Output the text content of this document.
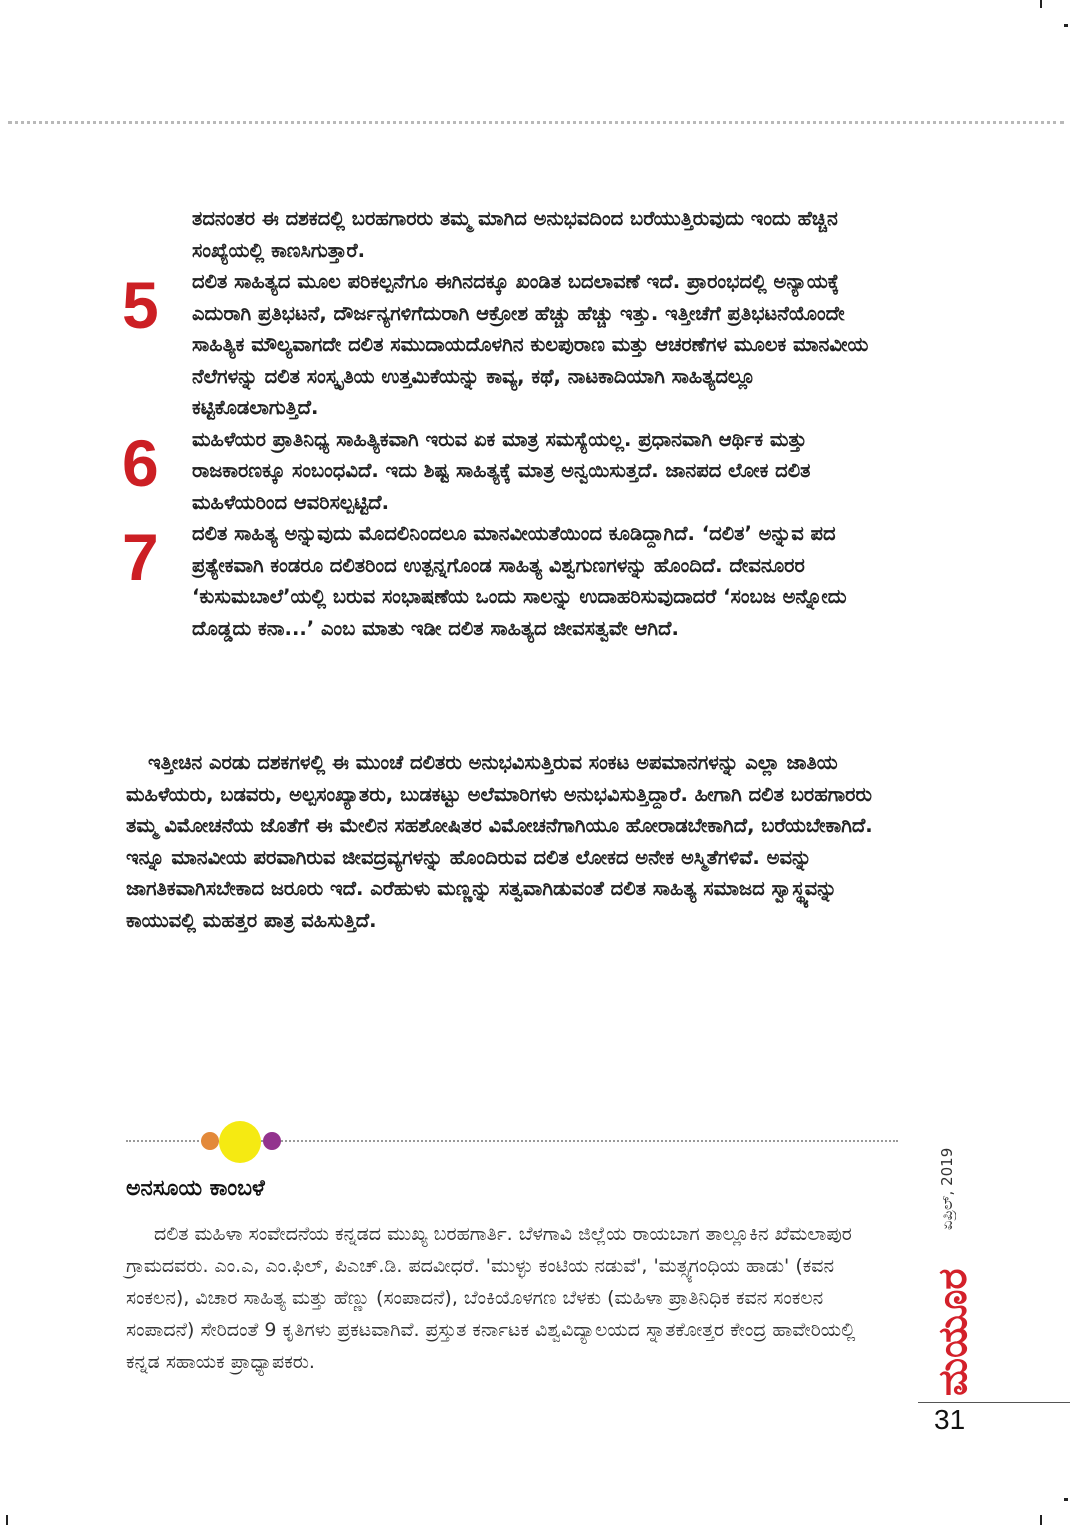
ತದನಂತರ ಈ ದಶಕದಲ್ಲಿ ಬರಹಗಾರರು ತಮ್ಮ ಮಾಗಿದ ಅನುಭವದಿಂದ ಬರೆಯುತ್ತಿರುವುದು ಇಂದು ಹೆಚ್ಚಿನ ಸಂಖ್ಯೆಯಲ್ಲಿ ಕಾಣಸಿಗುತ್ತಾರೆ.
5	ದಲಿತ ಸಾಹಿತ್ಯದ ಮೂಲ ಪರಿಕಲ್ಪನೆಗೂ ಈಗಿನದಕ್ಕೂ ಖಂಡಿತ ಬದಲಾವಣೆ ಇದೆ. ಪ್ರಾರಂಭದಲ್ಲಿ ಅನ್ಯಾಯಕ್ಕೆ ಎದುರಾಗಿ ಪ್ರತಿಭಟನೆ, ದೌರ್ಜನ್ಯಗಳಿಗೆದುರಾಗಿ ಆಕ್ರೋಶ ಹೆಚ್ಚು ಹೆಚ್ಚು ಇತ್ತು. ಇತ್ತೀಚೆಗೆ ಪ್ರತಿಭಟನೆಯೊಂದೇ ಸಾಹಿತ್ಯಿಕ ಮೌಲ್ಯವಾಗದೇ ದಲಿತ ಸಮುದಾಯದೊಳಗಿನ ಕುಲಪುರಾಣ ಮತ್ತು ಆಚರಣೆಗಳ ಮೂಲಕ ಮಾನವೀಯ ನೆಲೆಗಳನ್ನು ದಲಿತ ಸಂಸ್ಕೃತಿಯ ಉತ್ತಮಿಕೆಯನ್ನು ಕಾವ್ಯ, ಕಥೆ, ನಾಟಕಾದಿಯಾಗಿ ಸಾಹಿತ್ಯದಲ್ಲೂ ಕಟ್ಟಿಕೊಡಲಾಗುತ್ತಿದೆ.
6	ಮಹಿಳೆಯರ ಪ್ರಾತಿನಿಧ್ಯ ಸಾಹಿತ್ಯಿಕವಾಗಿ ಇರುವ ಏಕ ಮಾತ್ರ ಸಮಸ್ಯೆಯಲ್ಲ. ಪ್ರಧಾನವಾಗಿ ಆರ್ಥಿಕ ಮತ್ತು ರಾಜಕಾರಣಕ್ಕೂ ಸಂಬಂಧವಿದೆ. ಇದು ಶಿಷ್ಟ ಸಾಹಿತ್ಯಕ್ಕೆ ಮಾತ್ರ ಅನ್ವಯಿಸುತ್ತದೆ. ಜಾನಪದ ಲೋಕ ದಲಿತ ಮಹಿಳೆಯರಿಂದ ಆವರಿಸಲ್ಪಟ್ಟಿದೆ.
7	ದಲಿತ ಸಾಹಿತ್ಯ ಅನ್ನುವುದು ಮೊದಲಿನಿಂದಲೂ ಮಾನವೀಯತೆಯಿಂದ ಕೂಡಿದ್ದಾಗಿದೆ. ‘ದಲಿತ’ ಅನ್ನುವ ಪದ ಪ್ರತ್ಯೇಕವಾಗಿ ಕಂಡರೂ ದಲಿತರಿಂದ ಉತ್ಪನ್ನಗೊಂಡ ಸಾಹಿತ್ಯ ವಿಶ್ವಗುಣಗಳನ್ನು ಹೊಂದಿದೆ. ದೇವನೂರರ ‘ಕುಸುಮಬಾಲೆ’ಯಲ್ಲಿ ಬರುವ ಸಂಭಾಷಣೆಯ ಒಂದು ಸಾಲನ್ನು ಉದಾಹರಿಸುವುದಾದರೆ ‘ಸಂಬಜ ಅನ್ನೋದು ದೊಡ್ಡದು ಕನಾ...’ ಎಂಬ ಮಾತು ಇಡೀ ದಲಿತ ಸಾಹಿತ್ಯದ ಜೀವಸತ್ವವೇ ಆಗಿದೆ.

ಇತ್ತೀಚಿನ ಎರಡು ದಶಕಗಳಲ್ಲಿ ಈ ಮುಂಚೆ ದಲಿತರು ಅನುಭವಿಸುತ್ತಿರುವ ಸಂಕಟ ಅಪಮಾನಗಳನ್ನು ಎಲ್ಲಾ ಜಾತಿಯ ಮಹಿಳೆಯರು, ಬಡವರು, ಅಲ್ಪಸಂಖ್ಯಾತರು, ಬುಡಕಟ್ಟು ಅಲೆಮಾರಿಗಳು ಅನುಭವಿಸುತ್ತಿದ್ದಾರೆ. ಹೀಗಾಗಿ ದಲಿತ ಬರಹಗಾರರು ತಮ್ಮ ವಿಮೋಚನೆಯ ಜೊತೆಗೆ ಈ ಮೇಲಿನ ಸಹಶೋಷಿತರ ವಿಮೋಚನೆಗಾಗಿಯೂ ಹೋರಾಡಬೇಕಾಗಿದೆ, ಬರೆಯಬೇಕಾಗಿದೆ. ಇನ್ನೂ ಮಾನವೀಯ ಪರವಾಗಿರುವ ಜೀವದ್ರವ್ಯಗಳನ್ನು ಹೊಂದಿರುವ ದಲಿತ ಲೋಕದ ಅನೇಕ ಅಸ್ಮಿತೆಗಳಿವೆ. ಅವನ್ನು ಜಾಗತಿಕವಾಗಿಸಬೇಕಾದ ಜರೂರು ಇದೆ. ಎರೆಹುಳು ಮಣ್ಣನ್ನು ಸತ್ವವಾಗಿಡುವಂತೆ ದಲಿತ ಸಾಹಿತ್ಯ ಸಮಾಜದ ಸ್ವಾಸ್ಥ್ಯವನ್ನು ಕಾಯುವಲ್ಲಿ ಮಹತ್ತರ ಪಾತ್ರ ವಹಿಸುತ್ತಿದೆ.

ಅನಸೂಯ ಕಾಂಬಳೆ

ದಲಿತ ಮಹಿಳಾ ಸಂವೇದನೆಯ ಕನ್ನಡದ ಮುಖ್ಯ ಬರಹಗಾರ್ತಿ. ಬೆಳಗಾವಿ ಜಿಲ್ಲೆಯ ರಾಯಬಾಗ ತಾಲ್ಲೂಕಿನ ಖೆಮಲಾಪುರ ಗ್ರಾಮದವರು. ಎಂ.ಎ, ಎಂ.ಫಿಲ್, ಪಿಎಚ್.ಡಿ. ಪದವೀಧರೆ. 'ಮುಳ್ಳು ಕಂಟಿಯ ನಡುವೆ', 'ಮತ್ಸ್ಯಗಂಧಿಯ ಹಾಡು' (ಕವನ ಸಂಕಲನ), ವಿಚಾರ ಸಾಹಿತ್ಯ ಮತ್ತು ಹೆಣ್ಣು (ಸಂಪಾದನೆ), ಬೆಂಕಿಯೊಳಗಣ ಬೆಳಕು (ಮಹಿಳಾ ಪ್ರಾತಿನಿಧಿಕ ಕವನ ಸಂಕಲನ ಸಂಪಾದನೆ) ಸೇರಿದಂತೆ 9 ಕೃತಿಗಳು ಪ್ರಕಟವಾಗಿವೆ. ಪ್ರಸ್ತುತ ಕರ್ನಾಟಕ ವಿಶ್ವವಿದ್ಯಾಲಯದ ಸ್ನಾತಕೋತ್ತರ ಕೇಂದ್ರ ಹಾವೇರಿಯಲ್ಲಿ ಕನ್ನಡ ಸಹಾಯಕ ಪ್ರಾಧ್ಯಾಪಕರು.

ಏಪ್ರಿಲ್, 2019
ಮಯೂರ
31
